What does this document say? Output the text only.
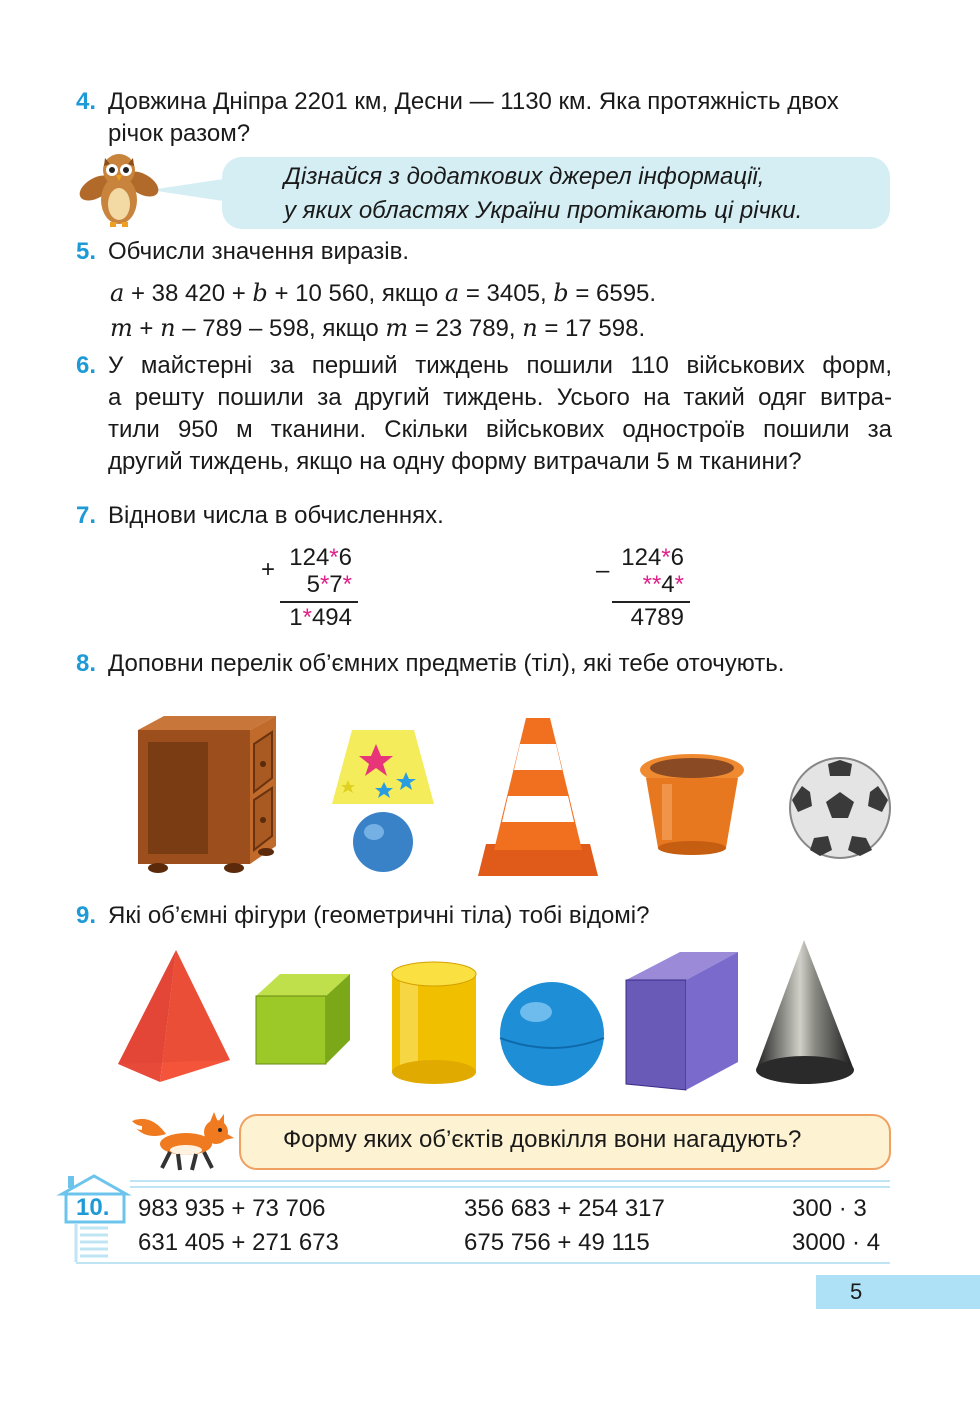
4. Довжина Дніпра 2201 км, Десни — 1130 км. Яка протяжність двох
річок разом?
Дізнайся з додаткових джерел інформації,
у яких областях України протікають ці річки.
5. Обчисли значення виразів.
a + 38 420 + b + 10 560, якщо a = 3405, b = 6595.
m + n – 789 – 598, якщо m = 23 789, n = 17 598.
6. У майстерні за перший тиждень пошили 110 військових форм,
а решту пошили за другий тиждень. Усього на такий одяг витра-
тили 950 м тканини. Скільки військових одностроїв пошили за
другий тиждень, якщо на одну форму витрачали 5 м тканини?
7. Віднови числа в обчисленнях.
+ 124*6
5*7*
1*494
– 124*6
**4*
4789
8. Доповни перелік об’ємних предметів (тіл), які тебе оточують.
9. Які об’ємні фігури (геометричні тіла) тобі відомі?
Форму яких об’єктів довкілля вони нагадують?
10. 983 935 + 73 706
631 405 + 271 673
356 683 + 254 317
675 756 + 49 115
300 · 3
3000 · 4
5
